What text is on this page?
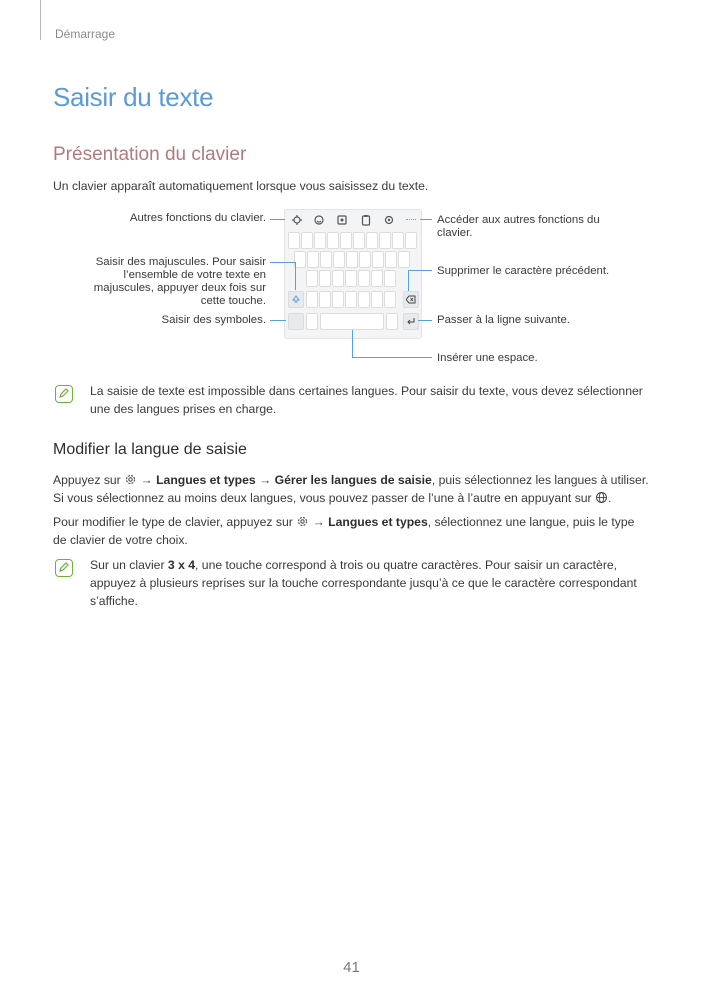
Démarrage
Saisir du texte
Présentation du clavier
Un clavier apparaît automatiquement lorsque vous saisissez du texte.
Autres fonctions du clavier.
Saisir des majuscules. Pour saisir
l’ensemble de votre texte en
majuscules, appuyer deux fois sur
cette touche.
Saisir des symboles.
Accéder aux autres fonctions du
clavier.
Supprimer le caractère précédent.
Passer à la ligne suivante.
Insérer une espace.
La saisie de texte est impossible dans certaines langues. Pour saisir du texte, vous devez sélectionner
une des langues prises en charge.
Modifier la langue de saisie
Appuyez sur → Langues et types → Gérer les langues de saisie, puis sélectionnez les langues à utiliser.
Si vous sélectionnez au moins deux langues, vous pouvez passer de l’une à l’autre en appuyant sur .
Pour modifier le type de clavier, appuyez sur → Langues et types, sélectionnez une langue, puis le type
de clavier de votre choix.
Sur un clavier 3 x 4, une touche correspond à trois ou quatre caractères. Pour saisir un caractère,
appuyez à plusieurs reprises sur la touche correspondante jusqu’à ce que le caractère correspondant
s’affiche.
41
